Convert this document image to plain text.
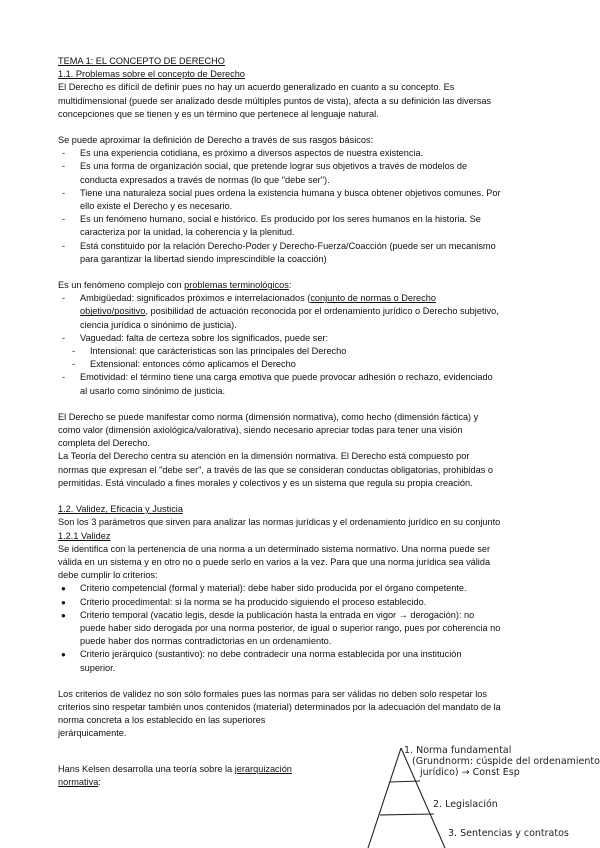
TEMA 1: EL CONCEPTO DE DERECHO

1.1. Problemas sobre el concepto de Derecho

El Derecho es difícil de definir pues no hay un acuerdo generalizado en cuanto a su concepto. Es

multidimensional (puede ser analizado desde múltiples puntos de vista), afecta a su definición las diversas

concepciones que se tienen y es un término que pertenece al lenguaje natural.

Se puede aproximar la definición de Derecho a través de sus rasgos básicos:

- Es una experiencia cotidiana, es próximo a diversos aspectos de nuestra existencia.

- Es una forma de organización social, que pretende lograr sus objetivos a través de modelos de

conducta expresados a través de normas (lo que "debe ser").

- Tiene una naturaleza social pues ordena la existencia humana y busca obtener objetivos comunes. Por

ello existe el Derecho y es necesario.

- Es un fenómeno humano, social e histórico. Es producido por los seres humanos en la historia. Se

caracteriza por la unidad, la coherencia y la plenitud.

- Está constituido por la relación Derecho-Poder y Derecho-Fuerza/Coacción (puede ser un mecanismo

para garantizar la libertad siendo imprescindible la coacción)

Es un fenómeno complejo con problemas terminológicos:

- Ambigüedad: significados próximos e interrelacionados (conjunto de normas o Derecho

objetivo/positivo, posibilidad de actuación reconocida por el ordenamiento jurídico o Derecho subjetivo,

ciencia jurídica o sinónimo de justicia).

- Vaguedad: falta de certeza sobre los significados, puede ser:

- Intensional: que carácteristicas son las principales del Derecho

- Extensional: entonces cómo aplicamos el Derecho

- Emotividad: el término tiene una carga emotiva que puede provocar adhesión o rechazo, evidenciado

al usarlo como sinónimo de justicia.

El Derecho se puede manifestar como norma (dimensión normativa), como hecho (dimensión fáctica) y

como valor (dimensión axiológica/valorativa), siendo necesario apreciar todas para tener una visión

completa del Derecho.

La Teoría del Derecho centra su atención en la dimensión normativa. El Derecho está compuesto por

normas que expresan el "debe ser", a través de las que se consideran conductas obligatorias, prohibidas o

permitidas. Está vinculado a fines morales y colectivos y es un sistema que regula su propia creación.

1.2. Validez, Eficacia y Justicia

Son los 3 parámetros que sirven para analizar las normas jurídicas y el ordenamiento jurídico en su conjunto

1.2.1 Validez

Se identifica con la pertenencia de una norma a un determinado sistema normativo. Una norma puede ser

válida en un sistema y en otro no o puede serlo en varios a la vez. Para que una norma jurídica sea válida

debe cumplir lo criterios:

● Criterio competencial (formal y material): debe haber sido producida por el órgano competente.

● Criterio procedimental: si la norma se ha producido siguiendo el proceso establecido.

● Criterio temporal (vacatio legis, desde la publicación hasta la entrada en vigor → derogación): no

puede haber sido derogada por una norma posterior, de igual o superior rango, pues por coherencia no

puede haber dos normas contradictorias en un ordenamiento.

● Criterio jerárquico (sustantivo): no debe contradecir una norma establecida por una institución

superior.

Los criterios de validez no son sólo formales pues las normas para ser válidas no deben solo respetar los

criterios sino respetar también unos contenidos (material) determinados por la adecuación del mandato de la

norma concreta a los establecido en las superiores

jerárquicamente.

Hans Kelsen desarrolla una teoría sobre la jerarquización

normativa:

1. Norma fundamental
(Grundnorm: cúspide del ordenamiento
jurídico) → Const Esp
2. Legislación
3. Sentencias y contratos
